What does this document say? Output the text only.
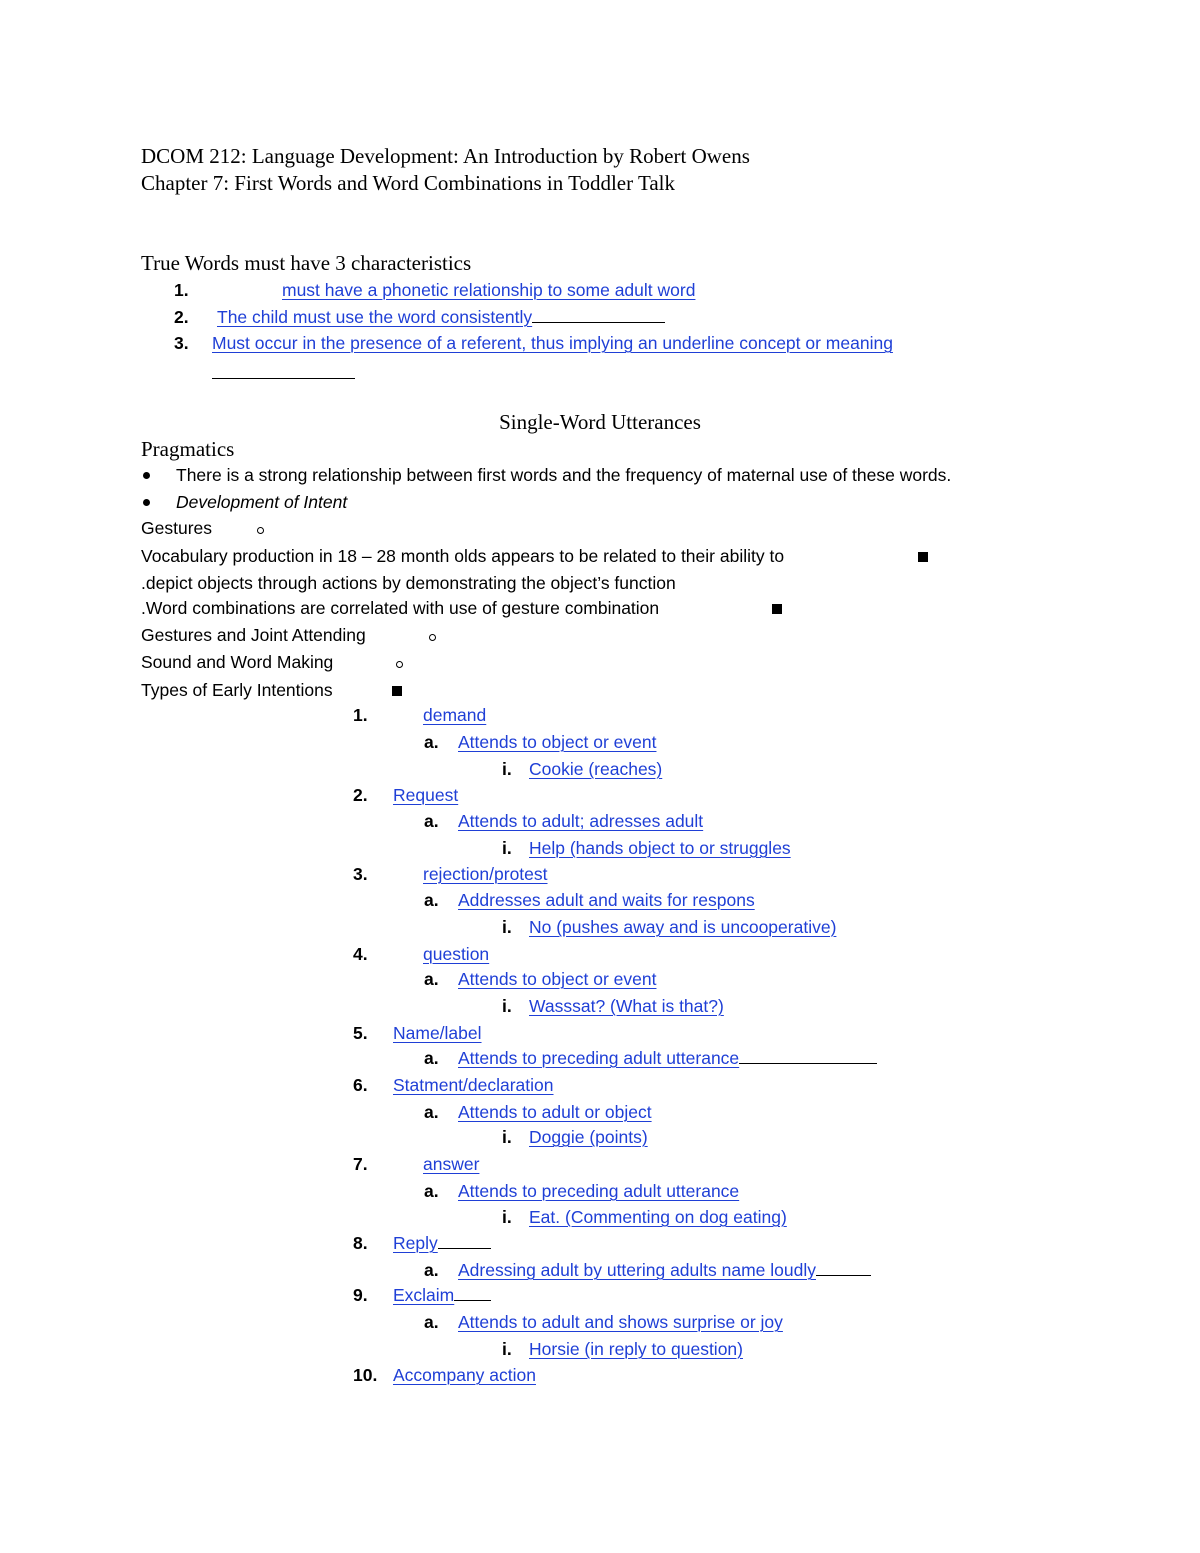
DCOM 212: Language Development: An Introduction by Robert Owens
Chapter 7: First Words and Word Combinations in Toddler Talk
True Words must have 3 characteristics
1.	must have a phonetic relationship to some adult word
2. The child must use the word consistently
3. Must occur in the presence of a referent, thus implying an underline concept or meaning
Single-Word Utterances
Pragmatics
There is a strong relationship between first words and the frequency of maternal use of these words.
Development of Intent
Gestures
Vocabulary production in 18 – 28 month olds appears to be related to their ability to
.depict objects through actions by demonstrating the object’s function
.Word combinations are correlated with use of gesture combination
Gestures and Joint Attending
Sound and Word Making
Types of Early Intentions
1.	demand
a. Attends to object or event
i. Cookie (reaches)
2. Request
a. Attends to adult; adresses adult
i. Help (hands object to or struggles
3.	rejection/protest
a. Addresses adult and waits for respons
i. No (pushes away and is uncooperative)
4.	question
a. Attends to object or event
i. Wasssat? (What is that?)
5. Name/label
a. Attends to preceding adult utterance
6. Statment/declaration
a. Attends to adult or object
i. Doggie (points)
7.	answer
a. Attends to preceding adult utterance
i. Eat. (Commenting on dog eating)
8. Reply
a. Adressing adult by uttering adults name loudly
9. Exclaim
a. Attends to adult and shows surprise or joy
i. Horsie (in reply to question)
10. Accompany action
